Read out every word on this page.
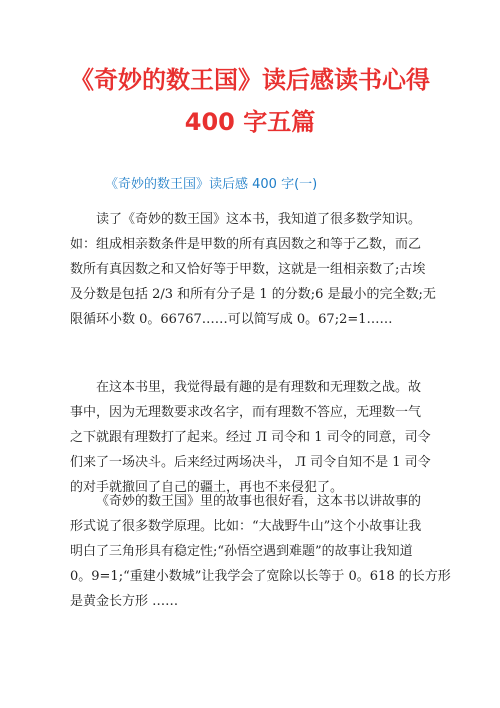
《奇妙的数王国》读后感读书心得
400 字五篇
《奇妙的数王国》读后感 400 字(一)
读了《奇妙的数王国》这本书，我知道了很多数学知识。
如：组成相亲数条件是甲数的所有真因数之和等于乙数，而乙
数所有真因数之和又恰好等于甲数，这就是一组相亲数了;古埃
及分数是包括 2/3 和所有分子是 1 的分数;6 是最小的完全数;无
限循环小数 0。66767……可以简写成 0。67;2=1……
在这本书里，我觉得最有趣的是有理数和无理数之战。故
事中，因为无理数要求改名字，而有理数不答应，无理数一气
之下就跟有理数打了起来。经过 Л 司令和 1 司令的同意，司令
们来了一场决斗。后来经过两场决斗， Л 司令自知不是 1 司令
的对手就撤回了自己的疆土，再也不来侵犯了。
《奇妙的数王国》里的故事也很好看，这本书以讲故事的
形式说了很多数学原理。比如：“大战野牛山”这个小故事让我
明白了三角形具有稳定性;“孙悟空遇到难题”的故事让我知道
0。9=1;“重建小数城”让我学会了宽除以长等于 0。618 的长方形
是黄金长方形 ……
